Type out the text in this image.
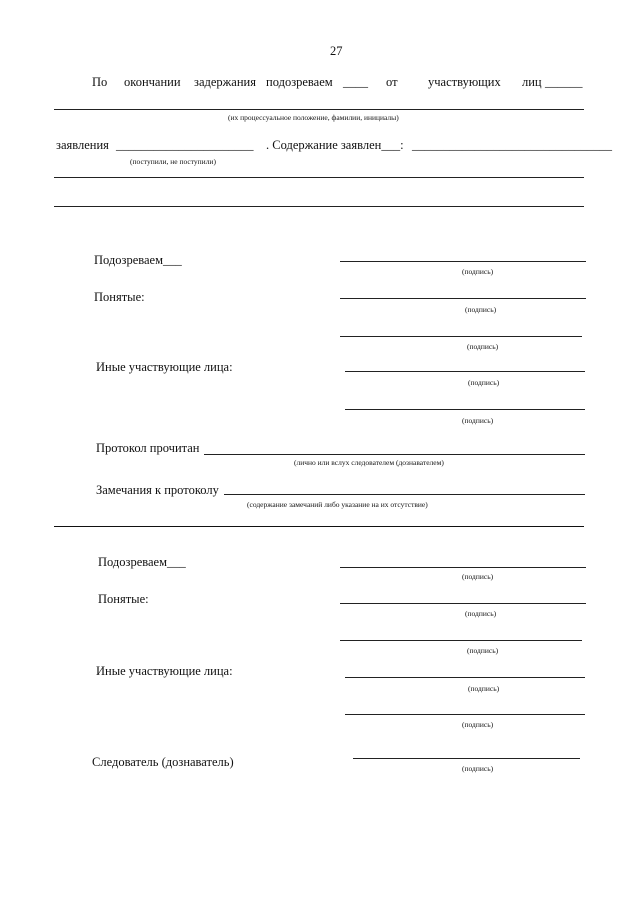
27
По окончании задержания подозреваем ____ от участвующих лиц ______
(их процессуальное положение, фамилии, инициалы)
заявления ______________________ . Содержание заявлен___: ________________________________
(поступили, не поступили)
Подозреваем___
(подпись)
Понятые:
(подпись)
(подпись)
Иные участвующие лица:
(подпись)
(подпись)
Протокол прочитан
(лично или вслух следователем (дознавателем)
Замечания к протоколу
(содержание замечаний либо указание на их отсутствие)
Подозреваем___
(подпись)
Понятые:
(подпись)
(подпись)
Иные участвующие лица:
(подпись)
(подпись)
Следователь (дознаватель)	(подпись)
